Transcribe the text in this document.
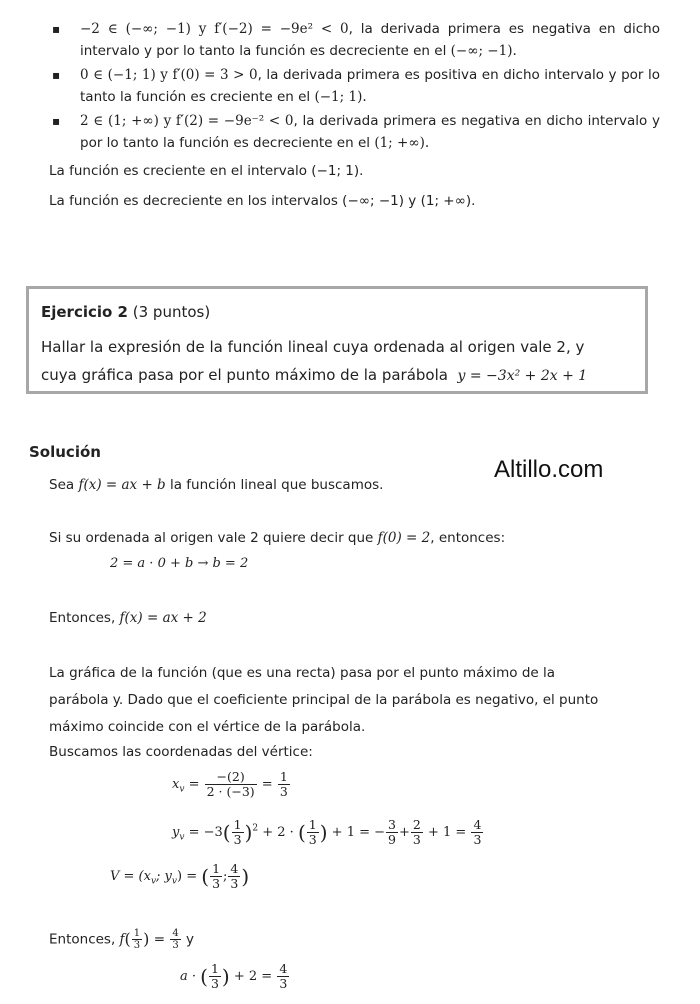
▪ −2 ∈ (−∞; −1) y f′(−2) = −9e² < 0, la derivada primera es negativa en dicho intervalo y por lo tanto la función es decreciente en el (−∞; −1).
▪ 0 ∈ (−1; 1) y f′(0) = 3 > 0, la derivada primera es positiva en dicho intervalo y por lo tanto la función es creciente en el (−1; 1).
▪ 2 ∈ (1; +∞) y f′(2) = −9e⁻² < 0, la derivada primera es negativa en dicho intervalo y por lo tanto la función es decreciente en el (1; +∞).
La función es creciente en el intervalo (−1; 1).
La función es decreciente en los intervalos (−∞; −1) y (1; +∞).
Ejercicio 2 (3 puntos)
Hallar la expresión de la función lineal cuya ordenada al origen vale 2, y
cuya gráfica pasa por el punto máximo de la parábola y = −3x² + 2x + 1
Solución
Altillo.com
Sea f(x) = ax + b la función lineal que buscamos.
Si su ordenada al origen vale 2 quiere decir que f(0) = 2, entonces:
2 = a · 0 + b → b = 2
Entonces, f(x) = ax + 2
La gráfica de la función (que es una recta) pasa por el punto máximo de la
parábola y. Dado que el coeficiente principal de la parábola es negativo, el punto
máximo coincide con el vértice de la parábola.
Buscamos las coordenadas del vértice:
$x_v = \frac{-(2)}{2 \cdot (-3)} = \frac{1}{3}$
$y_v = -3( \frac{1}{3} )^2 + 2$ · ( $\frac{1}{3}$ ) + 1 = − $\frac{3}{9} + \frac{2}{3} + 1 = \frac{4}{3}$
$V = (x_v$; $y_v$) = ( $\frac{1}{3}$ ; $\frac{4}{3}$ )
Entonces, $f( \frac{1}{3}$ ) = $\frac{4}{3}$ y
a · ( $\frac{1}{3}$ ) + $2 = \frac{4}{3}$
